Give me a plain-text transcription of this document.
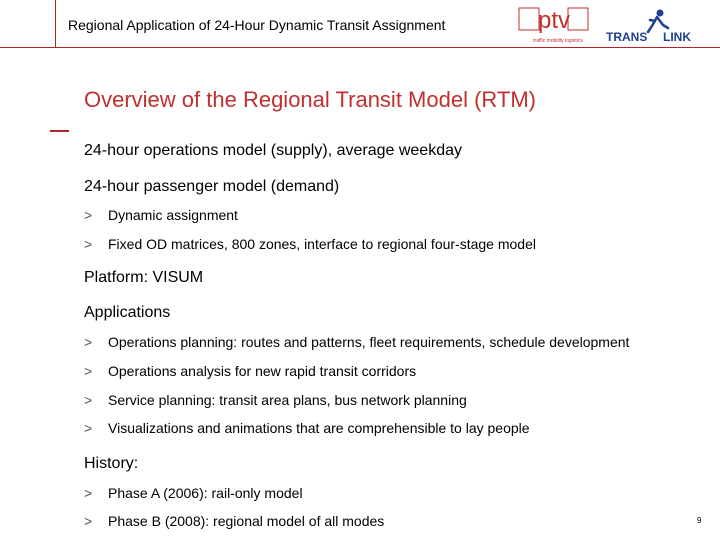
Regional Application of 24-Hour Dynamic Transit Assignment	ptv
traffic mobility logistics TRANS LINK
Overview of the Regional Transit Model (RTM)
24-hour operations model (supply), average weekday
24-hour passenger model (demand)
> Dynamic assignment
> Fixed OD matrices, 800 zones, interface to regional four-stage model
Platform: VISUM
Applications
> Operations planning: routes and patterns, fleet requirements, schedule development
> Operations analysis for new rapid transit corridors
> Service planning: transit area plans, bus network planning
> Visualizations and animations that are comprehensible to lay people
History:
> Phase A (2006): rail-only model
> Phase B (2008): regional model of all modes	9
